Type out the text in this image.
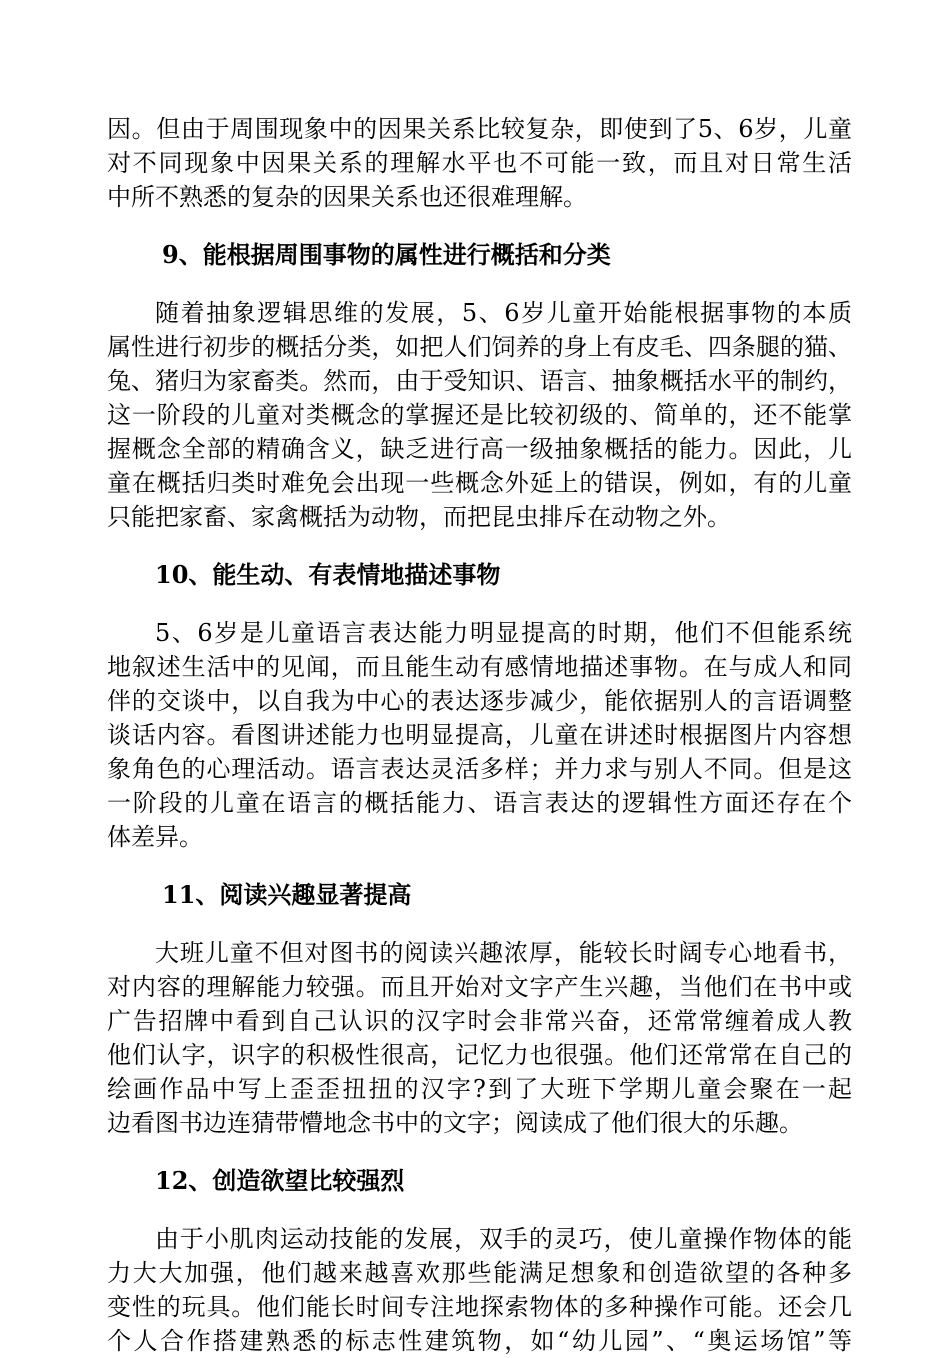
因。但由于周围现象中的因果关系比较复杂，即使到了5、6岁，儿童
对不同现象中因果关系的理解水平也不可能一致，而且对日常生活
中所不熟悉的复杂的因果关系也还很难理解。
9、能根据周围事物的属性进行概括和分类
随着抽象逻辑思维的发展，5、6岁儿童开始能根据事物的本质
属性进行初步的概括分类，如把人们饲养的身上有皮毛、四条腿的猫、
兔、猪归为家畜类。然而，由于受知识、语言、抽象概括水平的制约，
这一阶段的儿童对类概念的掌握还是比较初级的、简单的，还不能掌
握概念全部的精确含义，缺乏进行高一级抽象概括的能力。因此，儿
童在概括归类时难免会出现一些概念外延上的错误，例如，有的儿童
只能把家畜、家禽概括为动物，而把昆虫排斥在动物之外。
10、能生动、有表情地描述事物
5、6岁是儿童语言表达能力明显提高的时期，他们不但能系统
地叙述生活中的见闻，而且能生动有感情地描述事物。在与成人和同
伴的交谈中，以自我为中心的表达逐步减少，能依据别人的言语调整
谈话内容。看图讲述能力也明显提高，儿童在讲述时根据图片内容想
象角色的心理活动。语言表达灵活多样；并力求与别人不同。但是这
一阶段的儿童在语言的概括能力、语言表达的逻辑性方面还存在个
体差异。
11、阅读兴趣显著提高
大班儿童不但对图书的阅读兴趣浓厚，能较长时阔专心地看书，
对内容的理解能力较强。而且开始对文字产生兴趣，当他们在书中或
广告招牌中看到自己认识的汉字时会非常兴奋，还常常缠着成人教
他们认字，识字的积极性很高，记忆力也很强。他们还常常在自己的
绘画作品中写上歪歪扭扭的汉字?到了大班下学期儿童会聚在一起
边看图书边连猜带懵地念书中的文字；阅读成了他们很大的乐趣。
12、创造欲望比较强烈
由于小肌肉运动技能的发展，双手的灵巧，使儿童操作物体的能
力大大加强，他们越来越喜欢那些能满足想象和创造欲望的各种多
变性的玩具。他们能长时间专注地探索物体的多种操作可能。还会几
个人合作搭建熟悉的标志性建筑物，如“幼儿园”、“奥运场馆”等
